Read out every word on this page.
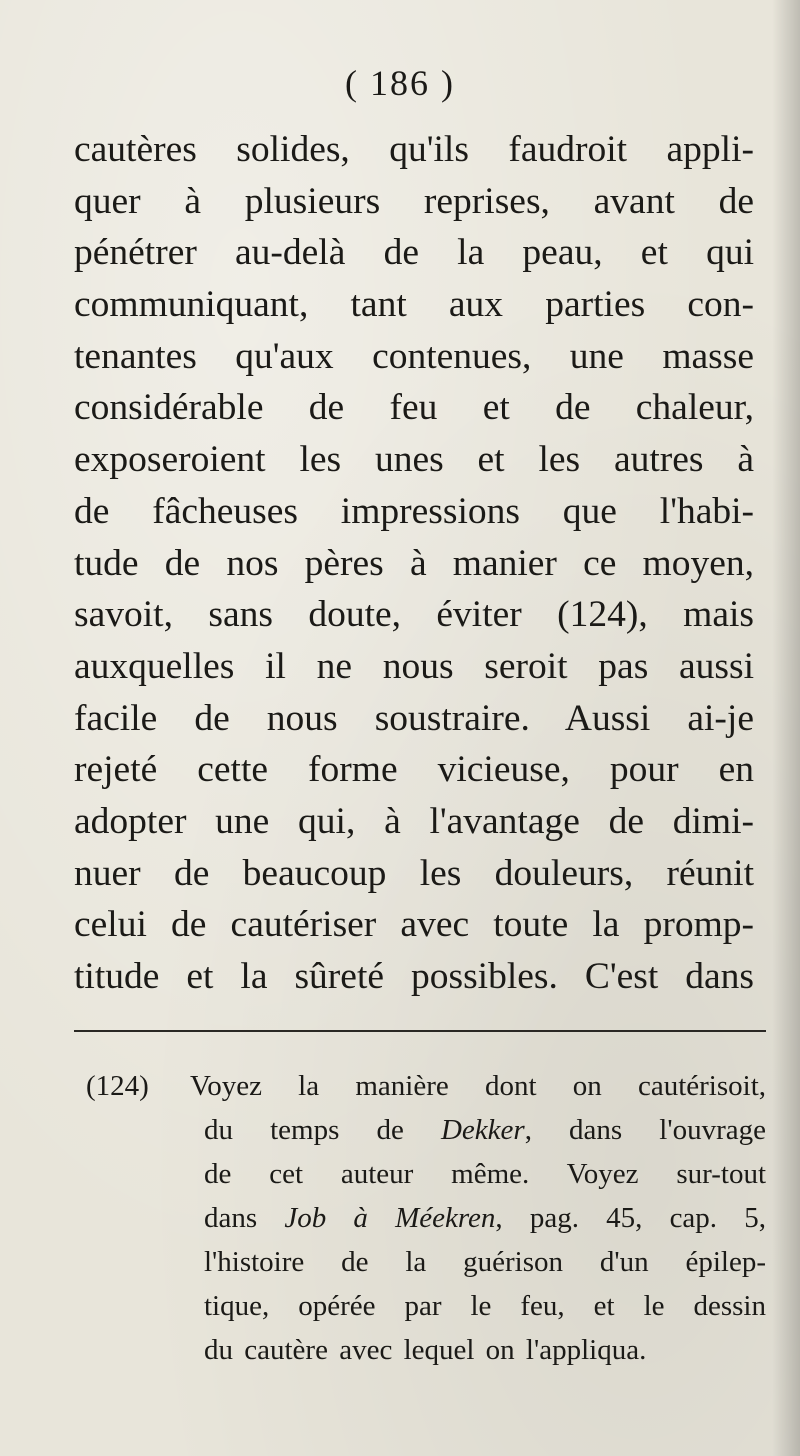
( 186 )
cautères solides, qu'ils faudroit appli-
quer à plusieurs reprises, avant de
pénétrer au-delà de la peau, et qui
communiquant, tant aux parties con-
tenantes qu'aux contenues, une masse
considérable de feu et de chaleur,
exposeroient les unes et les autres à
de fâcheuses impressions que l'habi-
tude de nos pères à manier ce moyen,
savoit, sans doute, éviter (124), mais
auxquelles il ne nous seroit pas aussi
facile de nous soustraire. Aussi ai-je
rejeté cette forme vicieuse, pour en
adopter une qui, à l'avantage de dimi-
nuer de beaucoup les douleurs, réunit
celui de cautériser avec toute la promp-
titude et la sûreté possibles. C'est dans
(124)	Voyez la manière dont on cautérisoit,
du temps de Dekker, dans l'ouvrage
de cet auteur même. Voyez sur-tout
dans Job à Méekren, pag. 45, cap. 5,
l'histoire de la guérison d'un épilep-
tique, opérée par le feu, et le dessin
du cautère avec lequel on l'appliqua.
